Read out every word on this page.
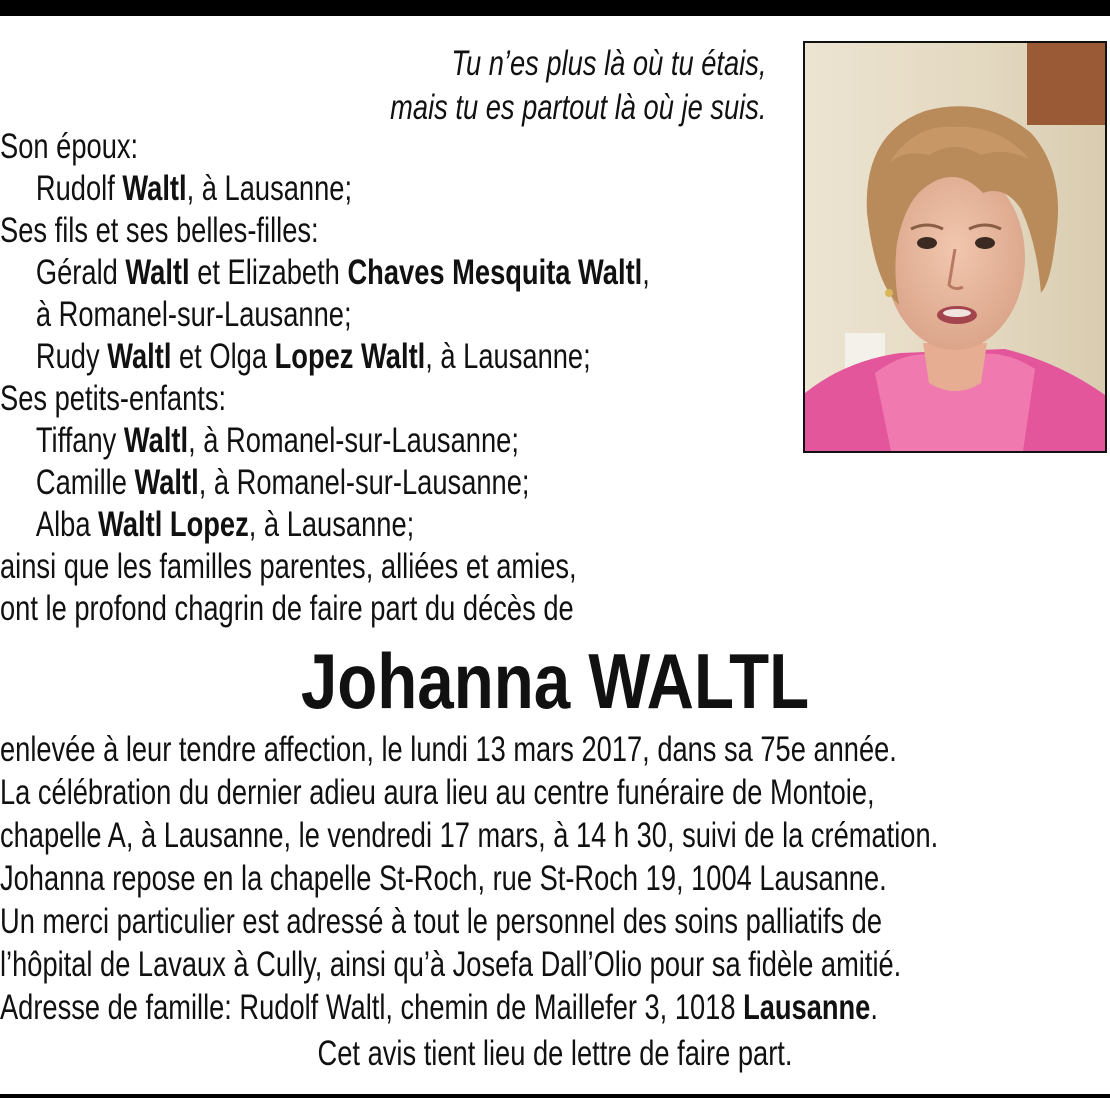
Tu n’es plus là où tu étais,
mais tu es partout là où je suis.
Son époux:
Rudolf Waltl, à Lausanne;
Ses fils et ses belles-filles:
Gérald Waltl et Elizabeth Chaves Mesquita Waltl,
à Romanel-sur-Lausanne;
Rudy Waltl et Olga Lopez Waltl, à Lausanne;
Ses petits-enfants:
Tiffany Waltl, à Romanel-sur-Lausanne;
Camille Waltl, à Romanel-sur-Lausanne;
Alba Waltl Lopez, à Lausanne;
ainsi que les familles parentes, alliées et amies,
ont le profond chagrin de faire part du décès de
Johanna WALTL
enlevée à leur tendre affection, le lundi 13 mars 2017, dans sa 75e année.
La célébration du dernier adieu aura lieu au centre funéraire de Montoie,
chapelle A, à Lausanne, le vendredi 17 mars, à 14 h 30, suivi de la crémation.
Johanna repose en la chapelle St-Roch, rue St-Roch 19, 1004 Lausanne.
Un merci particulier est adressé à tout le personnel des soins palliatifs de
l’hôpital de Lavaux à Cully, ainsi qu’à Josefa Dall’Olio pour sa fidèle amitié.
Adresse de famille: Rudolf Waltl, chemin de Maillefer 3, 1018 Lausanne.
Cet avis tient lieu de lettre de faire part.
